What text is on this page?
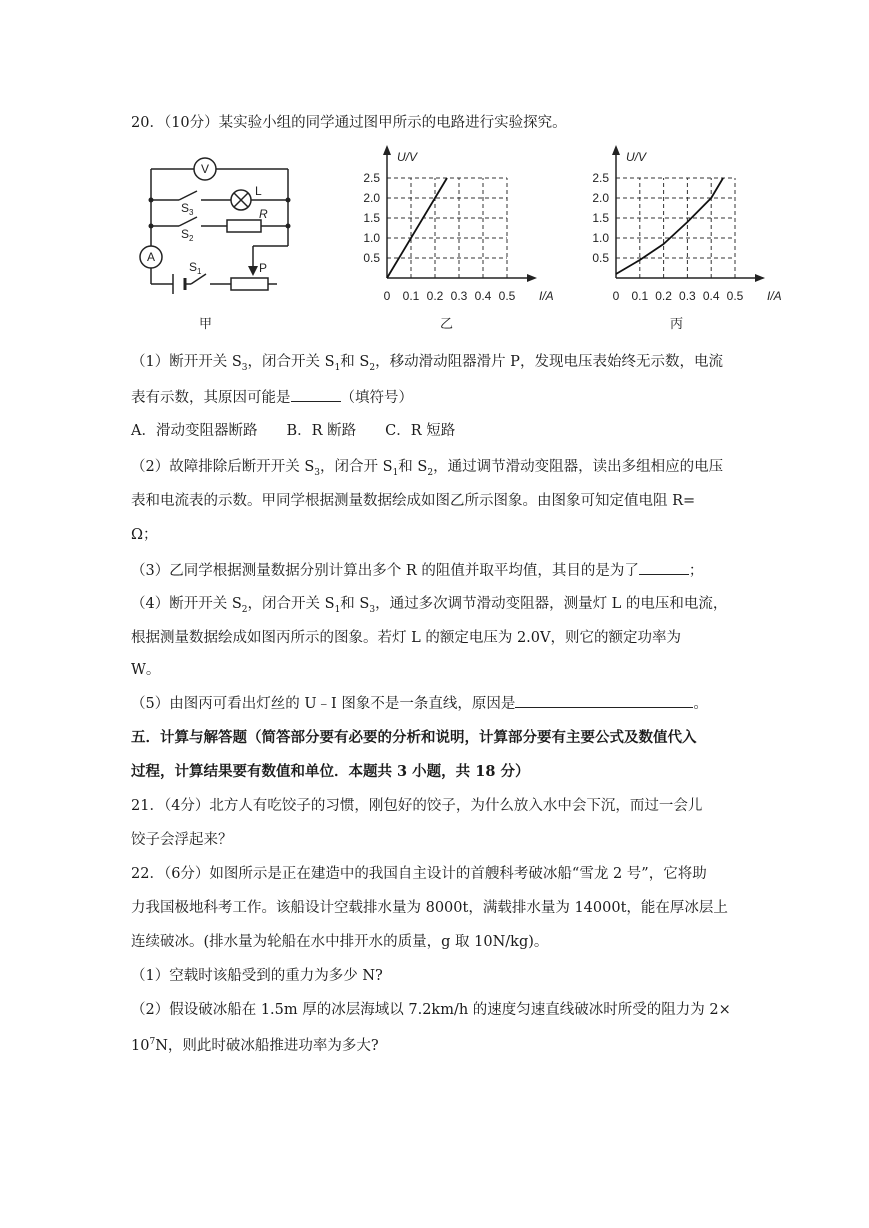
20．（10分）某实验小组的同学通过图甲所示的电路进行实验探究。
V
A
L
R
$S_3$
$S_2$
$S_1$	P
甲
U/V
I/A
0.5
1.0
1.5
2.0
2.5
0 0.1 0.2 0.3 0.4 0.5
乙
U/V
I/A
0.5
1.0
1.5
2.0
2.5
0 0.1 0.2 0.3 0.4 0.5
丙
（1）断开开关 $S_3$，闭合开关 $S_1$和 $S_2$，移动滑动阻器滑片 P，发现电压表始终无示数，电流
表有示数，其原因可能是	（填符号）
A．滑动变阻器断路　　B．R 断路　　C．R 短路
（2）故障排除后断开开关 $S_3$，闭合开 $S_1$和 $S_2$，通过调节滑动变阻器，读出多组相应的电压
表和电流表的示数。甲同学根据测量数据绘成如图乙所示图象。由图象可知定值电阻 R=
Ω；
（3）乙同学根据测量数据分别计算出多个 R 的阻值并取平均值，其目的是为了	；
（4）断开开关 $S_2$，闭合开关 $S_1$和 $S_3$，通过多次调节滑动变阻器，测量灯 L 的电压和电流，
根据测量数据绘成如图丙所示的图象。若灯 L 的额定电压为 2.0V，则它的额定功率为
W。
（5）由图丙可看出灯丝的 U﹣I 图象不是一条直线，原因是	。
五．计算与解答题（简答部分要有必要的分析和说明，计算部分要有主要公式及数值代入
过程，计算结果要有数值和单位．本题共 3 小题，共 18 分）
21．（4分）北方人有吃饺子的习惯，刚包好的饺子，为什么放入水中会下沉，而过一会儿
饺子会浮起来？
22．（6分）如图所示是正在建造中的我国自主设计的首艘科考破冰船“雪龙 2 号”，它将助
力我国极地科考工作。该船设计空载排水量为 8000t，满载排水量为 14000t，能在厚冰层上
连续破冰。(排水量为轮船在水中排开水的质量，g 取 10N/kg)。
（1）空载时该船受到的重力为多少 N?
（2）假设破冰船在 1.5m 厚的冰层海域以 7.2km/h 的速度匀速直线破冰时所受的阻力为 2×
$10^7N$，则此时破冰船推进功率为多大?
